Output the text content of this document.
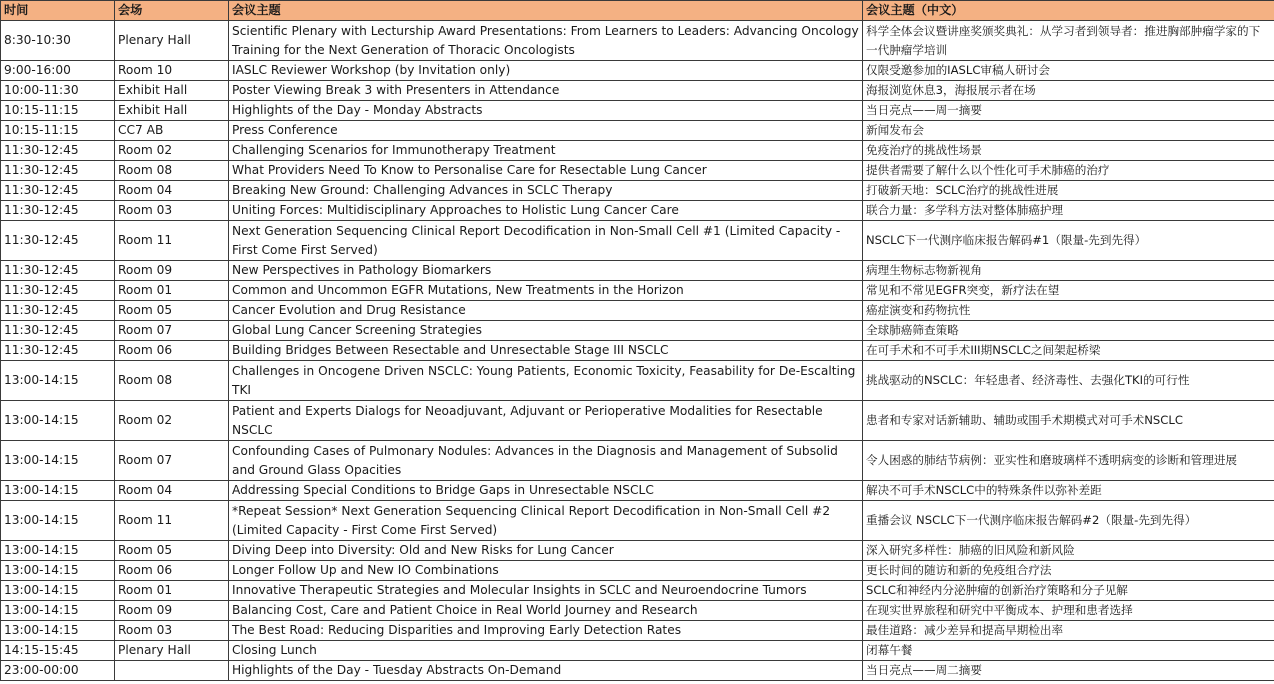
时间	会场	会议主题	会议主题（中文）
8:30-10:30	Plenary Hall	Scientific Plenary with Lecturship Award Presentations: From Learners to Leaders: Advancing Oncology Training for the Next Generation of Thoracic Oncologists	科学全体会议暨讲座奖颁奖典礼：从学习者到领导者：推进胸部肿瘤学家的下一代肿瘤学培训
9:00-16:00	Room 10	IASLC Reviewer Workshop (by Invitation only)	仅限受邀参加的IASLC审稿人研讨会
10:00-11:30	Exhibit Hall	Poster Viewing Break 3 with Presenters in Attendance	海报浏览休息3，海报展示者在场
10:15-11:15	Exhibit Hall	Highlights of the Day - Monday Abstracts	当日亮点——周一摘要
10:15-11:15	CC7 AB	Press Conference	新闻发布会
11:30-12:45	Room 02	Challenging Scenarios for Immunotherapy Treatment	免疫治疗的挑战性场景
11:30-12:45	Room 08	What Providers Need To Know to Personalise Care for Resectable Lung Cancer	提供者需要了解什么以个性化可手术肺癌的治疗
11:30-12:45	Room 04	Breaking New Ground: Challenging Advances in SCLC Therapy	打破新天地：SCLC治疗的挑战性进展
11:30-12:45	Room 03	Uniting Forces: Multidisciplinary Approaches to Holistic Lung Cancer Care	联合力量：多学科方法对整体肺癌护理
11:30-12:45	Room 11	Next Generation Sequencing Clinical Report Decodification in Non-Small Cell #1 (Limited Capacity - First Come First Served)	NSCLC下一代测序临床报告解码#1（限量-先到先得）
11:30-12:45	Room 09	New Perspectives in Pathology Biomarkers	病理生物标志物新视角
11:30-12:45	Room 01	Common and Uncommon EGFR Mutations, New Treatments in the Horizon	常见和不常见EGFR突变，新疗法在望
11:30-12:45	Room 05	Cancer Evolution and Drug Resistance	癌症演变和药物抗性
11:30-12:45	Room 07	Global Lung Cancer Screening Strategies	全球肺癌筛查策略
11:30-12:45	Room 06	Building Bridges Between Resectable and Unresectable Stage III NSCLC	在可手术和不可手术III期NSCLC之间架起桥梁
13:00-14:15	Room 08	Challenges in Oncogene Driven NSCLC: Young Patients, Economic Toxicity, Feasability for De-Escalting TKI	挑战驱动的NSCLC：年轻患者、经济毒性、去强化TKI的可行性
13:00-14:15	Room 02	Patient and Experts Dialogs for Neoadjuvant, Adjuvant or Perioperative Modalities for Resectable NSCLC	患者和专家对话新辅助、辅助或围手术期模式对可手术NSCLC
13:00-14:15	Room 07	Confounding Cases of Pulmonary Nodules: Advances in the Diagnosis and Management of Subsolid and Ground Glass Opacities	令人困惑的肺结节病例：亚实性和磨玻璃样不透明病变的诊断和管理进展
13:00-14:15	Room 04	Addressing Special Conditions to Bridge Gaps in Unresectable NSCLC	解决不可手术NSCLC中的特殊条件以弥补差距
13:00-14:15	Room 11	*Repeat Session* Next Generation Sequencing Clinical Report Decodification in Non-Small Cell #2 (Limited Capacity - First Come First Served)	重播会议 NSCLC下一代测序临床报告解码#2（限量-先到先得）
13:00-14:15	Room 05	Diving Deep into Diversity: Old and New Risks for Lung Cancer	深入研究多样性：肺癌的旧风险和新风险
13:00-14:15	Room 06	Longer Follow Up and New IO Combinations	更长时间的随访和新的免疫组合疗法
13:00-14:15	Room 01	Innovative Therapeutic Strategies and Molecular Insights in SCLC and Neuroendocrine Tumors	SCLC和神经内分泌肿瘤的创新治疗策略和分子见解
13:00-14:15	Room 09	Balancing Cost, Care and Patient Choice in Real World Journey and Research	在现实世界旅程和研究中平衡成本、护理和患者选择
13:00-14:15	Room 03	The Best Road: Reducing Disparities and Improving Early Detection Rates	最佳道路：减少差异和提高早期检出率
14:15-15:45	Plenary Hall	Closing Lunch	闭幕午餐
23:00-00:00		Highlights of the Day - Tuesday Abstracts On-Demand	当日亮点——周二摘要
